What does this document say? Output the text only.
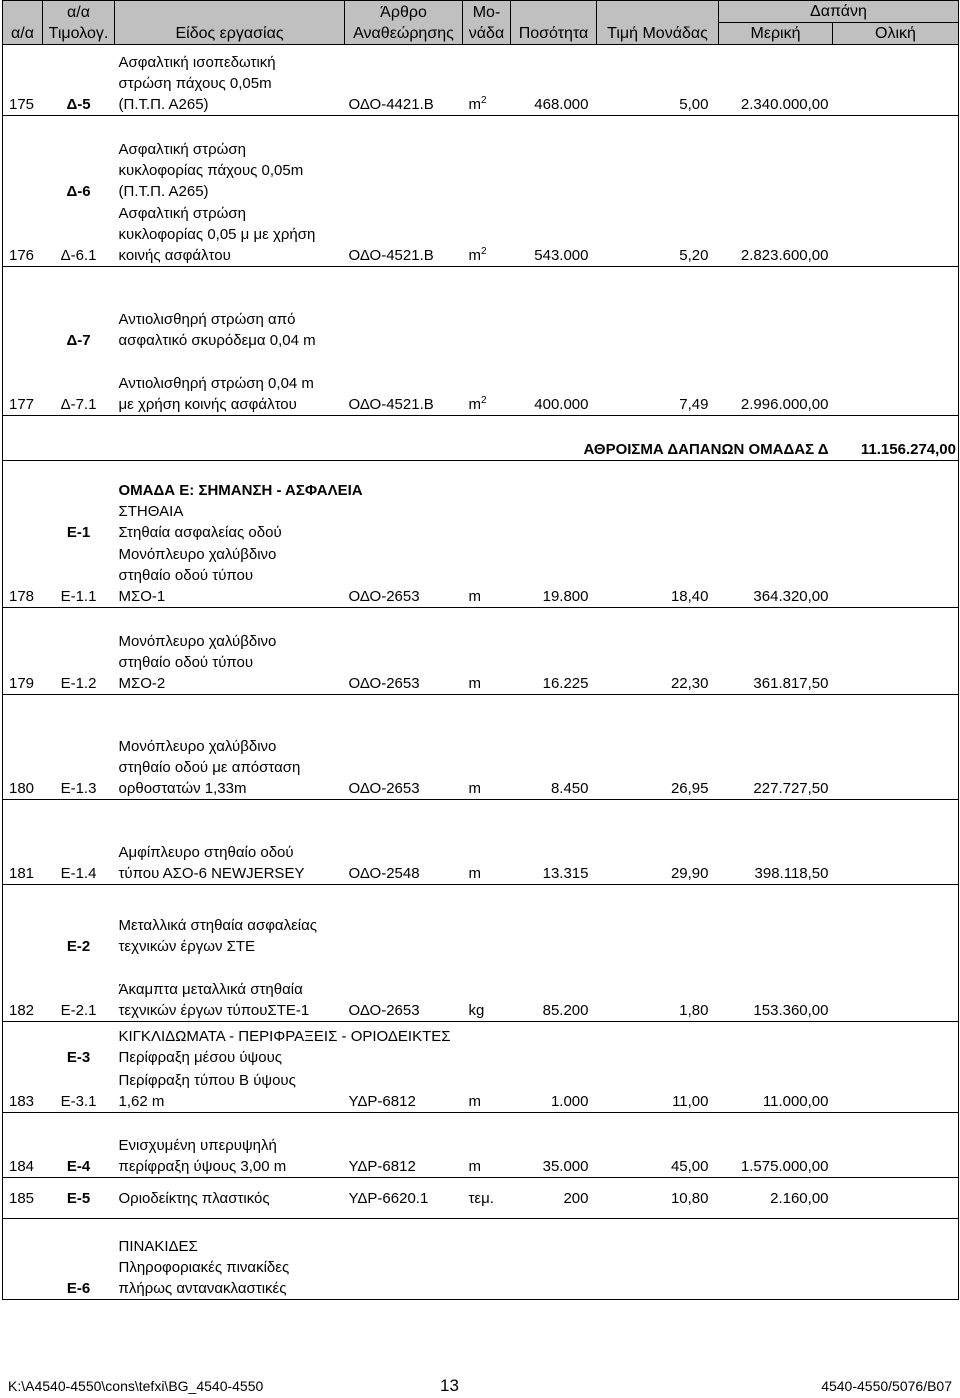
α/α	α/α Τιμολογ.	Είδος εργασίας	Άρθρο Αναθεώρησης	Μο- νάδα	Ποσότητα	Τιμή Μονάδας	Δαπάνη	
							Μερική	Ολική
175	Δ-5	Ασφαλτική ισοπεδωτική
στρώση πάχους 0,05m
(Π.Τ.Π. Α265)	ΟΔΟ-4421.Β	$m^2$	468.000	5,00	2.340.000,00	
	Δ-6	Ασφαλτική στρώση
κυκλοφορίας πάχους 0,05m
(Π.Τ.Π. Α265)						

176	Δ-6.1	Ασφαλτική στρώση
κυκλοφορίας 0,05 μ με χρήση
κοινής ασφάλτου	ΟΔΟ-4521.Β	$m^2$	543.000	5,20	2.823.600,00	
	Δ-7	Αντιολισθηρή στρώση από
ασφαλτικό σκυρόδεμα 0,04 m						

177	Δ-7.1	Αντιολισθηρή στρώση 0,04 m
με χρήση κοινής ασφάλτου	ΟΔΟ-4521.Β	$m^2$	400.000	7,49	2.996.000,00	
				ΑΘΡΟΙΣΜΑ ΔΑΠΑΝΩΝ ΟΜΑΔΑΣ Δ				11.156.274,00
	Ε-1	ΟΜΑΔΑ Ε: ΣΗΜΑΝΣΗ - ΑΣΦΑΛΕΙΑ
ΣΤΗΘΑΙΑ
Στηθαία ασφαλείας οδού						

178	Ε-1.1	Μονόπλευρο χαλύβδινο
στηθαίο οδού τύπου
ΜΣΟ-1	ΟΔΟ-2653	m	19.800	18,40	364.320,00	
179	Ε-1.2	Μονόπλευρο χαλύβδινο
στηθαίο οδού τύπου
ΜΣΟ-2	ΟΔΟ-2653	m	16.225	22,30	361.817,50	
180	Ε-1.3	Μονόπλευρο χαλύβδινο
στηθαίο οδού με απόσταση
ορθοστατών 1,33m	ΟΔΟ-2653	m	8.450	26,95	227.727,50	
181	Ε-1.4	Αμφίπλευρο στηθαίο οδού
τύπου ΑΣΟ-6 NEWJERSEY	ΟΔΟ-2548	m	13.315	29,90	398.118,50	
	Ε-2	Μεταλλικά στηθαία ασφαλείας
τεχνικών έργων ΣΤΕ						

182	Ε-2.1	Άκαμπτα μεταλλικά στηθαία
τεχνικών έργων τύπουΣΤΕ-1	ΟΔΟ-2653	kg	85.200	1,80	153.360,00	
	Ε-3	ΚΙΓΚΛΙΔΩΜΑΤΑ - ΠΕΡΙΦΡΑΞΕΙΣ - ΟΡΙΟΔΕΙΚΤΕΣ
Περίφραξη μέσου ύψους						

183	Ε-3.1	Περίφραξη τύπου Β ύψους
1,62 m	ΥΔΡ-6812	m	1.000	11,00	11.000,00	
184	Ε-4	Ενισχυμένη υπερυψηλή
περίφραξη ύψους 3,00 m	ΥΔΡ-6812	m	35.000	45,00	1.575.000,00	
185	Ε-5	Οριοδείκτης πλαστικός	ΥΔΡ-6620.1	τεμ.	200	10,80	2.160,00	
	Ε-6	ΠΙΝΑΚΙΔΕΣ
Πληροφοριακές πινακίδες
πλήρως αντανακλαστικές						

K:\A4540-4550\cons\tefxi\BG_4540-4550	13	4540-4550/5076/B07
